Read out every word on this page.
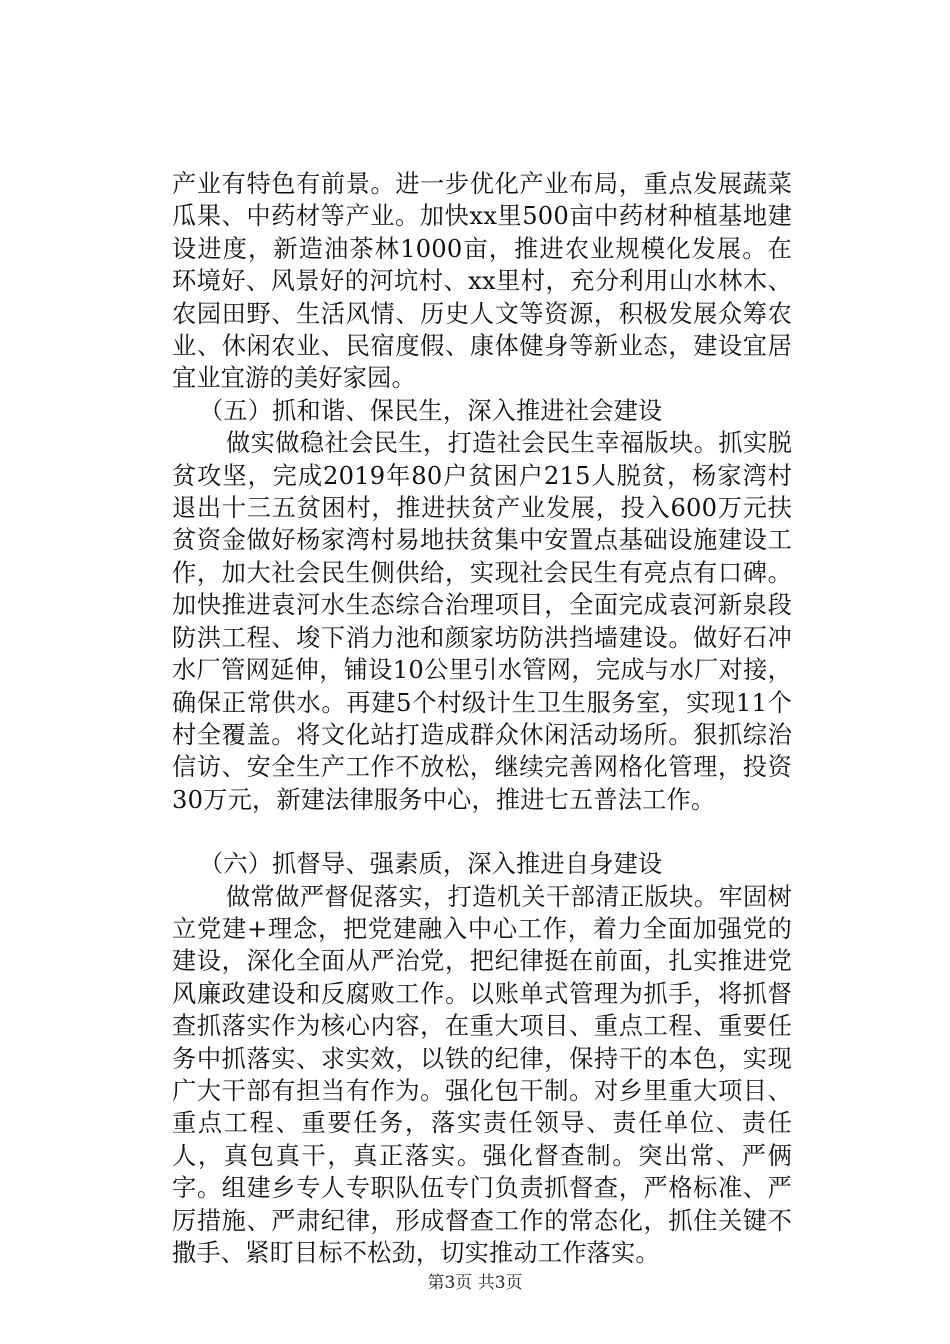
产业有特色有前景。进一步优化产业布局，重点发展蔬菜瓜果、中药材等产业。加快xx里500亩中药材种植基地建设进度，新造油茶林1000亩，推进农业规模化发展。在环境好、风景好的河坑村、xx里村，充分利用山水林木、农园田野、生活风情、历史人文等资源，积极发展众筹农业、休闲农业、民宿度假、康体健身等新业态，建设宜居宜业宜游的美好家园。

（五）抓和谐、保民生，深入推进社会建设

做实做稳社会民生，打造社会民生幸福版块。抓实脱贫攻坚，完成2019年80户贫困户215人脱贫，杨家湾村退出十三五贫困村，推进扶贫产业发展，投入600万元扶贫资金做好杨家湾村易地扶贫集中安置点基础设施建设工作，加大社会民生侧供给，实现社会民生有亮点有口碑。加快推进袁河水生态综合治理项目，全面完成袁河新泉段防洪工程、埈下消力池和颜家坊防洪挡墙建设。做好石冲水厂管网延伸，铺设10公里引水管网，完成与水厂对接，确保正常供水。再建5个村级计生卫生服务室，实现11个村全覆盖。将文化站打造成群众休闲活动场所。狠抓综治信访、安全生产工作不放松，继续完善网格化管理，投资30万元，新建法律服务中心，推进七五普法工作。

（六）抓督导、强素质，深入推进自身建设

做常做严督促落实，打造机关干部清正版块。牢固树立党建+理念，把党建融入中心工作，着力全面加强党的建设，深化全面从严治党，把纪律挺在前面，扎实推进党风廉政建设和反腐败工作。以账单式管理为抓手，将抓督查抓落实作为核心内容，在重大项目、重点工程、重要任务中抓落实、求实效，以铁的纪律，保持干的本色，实现广大干部有担当有作为。强化包干制。对乡里重大项目、重点工程、重要任务，落实责任领导、责任单位、责任人，真包真干，真正落实。强化督查制。突出常、严俩字。组建乡专人专职队伍专门负责抓督查，严格标准、严厉措施、严肃纪律，形成督查工作的常态化，抓住关键不撒手、紧盯目标不松劲，切实推动工作落实。

第3页 共3页
